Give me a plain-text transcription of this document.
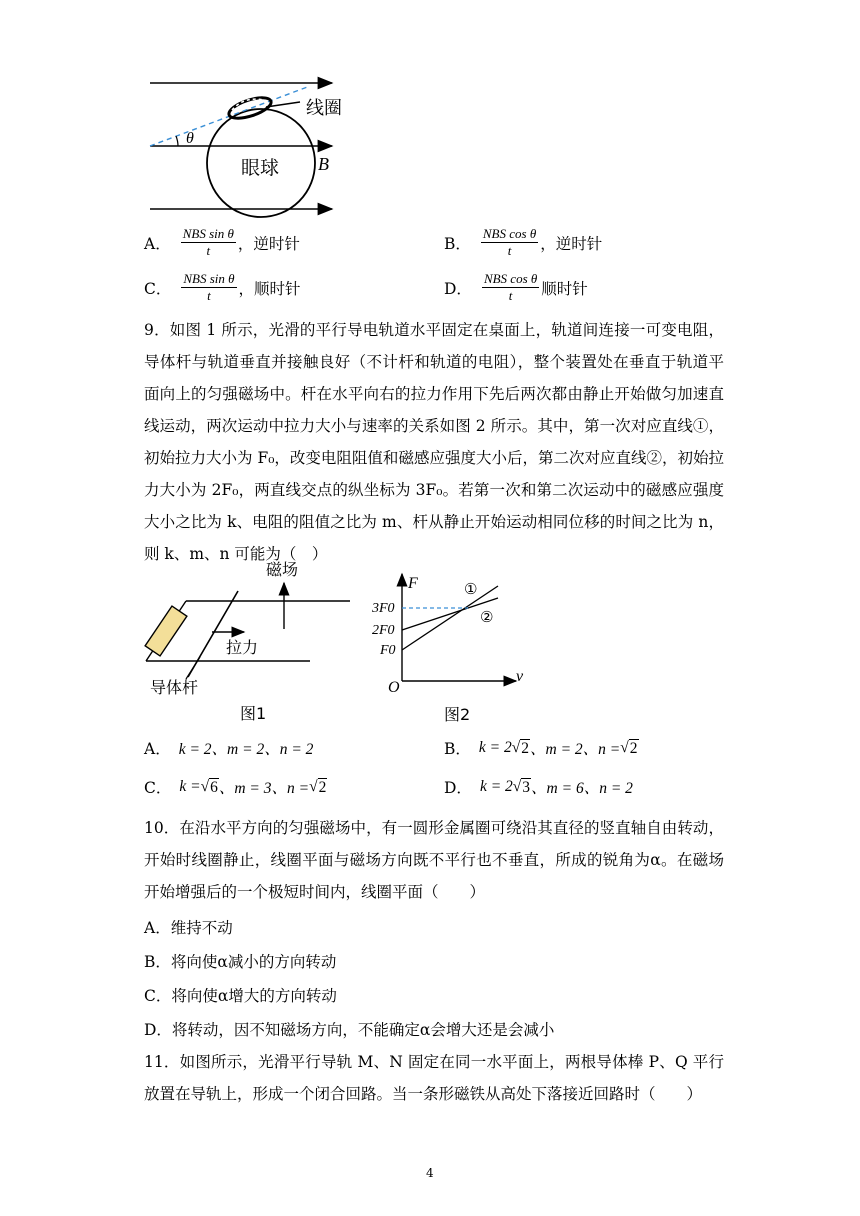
线圈
θ
眼球 B
A． $\frac{\text{NBS sin θ}}{t}$ ，逆时针	B． $\frac{\text{NBS cos θ}}{t}$ ，逆时针
C． $\frac{\text{NBS sin θ}}{t}$ ，顺时针	D． $\frac{\text{NBS cos θ}}{t}$ 顺时针
9．如图 1 所示，光滑的平行导电轨道水平固定在桌面上，轨道间连接一可变电阻，导体杆与轨道垂直并接触良好（不计杆和轨道的电阻），整个装置处在垂直于轨道平面向上的匀强磁场中。杆在水平向右的拉力作用下先后两次都由静止开始做匀加速直线运动，两次运动中拉力大小与速率的关系如图 2 所示。其中，第一次对应直线①，初始拉力大小为 F₀，改变电阻阻值和磁感应强度大小后，第二次对应直线②，初始拉力大小为 2F₀，两直线交点的纵坐标为 3F₀。若第一次和第二次运动中的磁感应强度大小之比为 k、电阻的阻值之比为 m、杆从静止开始运动相同位移的时间之比为 n，则 k、m、n 可能为（　）
磁场
拉力
导体杆
图1
F
v
O
3F0
2F0
F0
①
②
图2
A． k = 2、m = 2、n = 2	B． k = 2 √ 2 、m = 2、n = √ 2
C． k = √ 6 、m = 3、n = √ 2	D． k = 2 √ 3 、m = 6、n = 2
10．在沿水平方向的匀强磁场中，有一圆形金属圈可绕沿其直径的竖直轴自由转动，开始时线圈静止，线圈平面与磁场方向既不平行也不垂直，所成的锐角为α。在磁场开始增强后的一个极短时间内，线圈平面（　　）
A．维持不动
B．将向使α减小的方向转动
C．将向使α增大的方向转动
D．将转动，因不知磁场方向，不能确定α会增大还是会减小
11．如图所示，光滑平行导轨 M、N 固定在同一水平面上，两根导体棒 P、Q 平行放置在导轨上，形成一个闭合回路。当一条形磁铁从高处下落接近回路时（　　）
4
